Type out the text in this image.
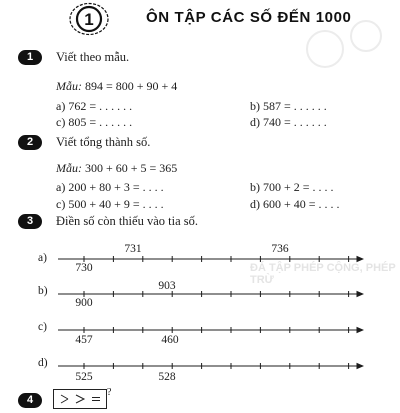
ĐÁ TẬP PHÉP CỘNG, PHÉP TRỪ
1	ÔN TẬP CÁC SỐ ĐẾN 1000
1	Viết theo mẫu.
Mẫu: 894 = 800 + 90 + 4
a) 762 = . . . . . .	b) 587 = . . . . . .
c) 805 = . . . . . .	d) 740 = . . . . . .
2	Viết tổng thành số.
Mẫu: 300 + 60 + 5 = 365
a) 200 + 80 + 3 = . . . .	b) 700 + 2 = . . . .
c) 500 + 40 + 9 = . . . .	d) 600 + 40 = . . . .
3	Điền số còn thiếu vào tia số.
a)
b)
c)
d)
731	736
730
903
900
457	460
525	528
4
?
